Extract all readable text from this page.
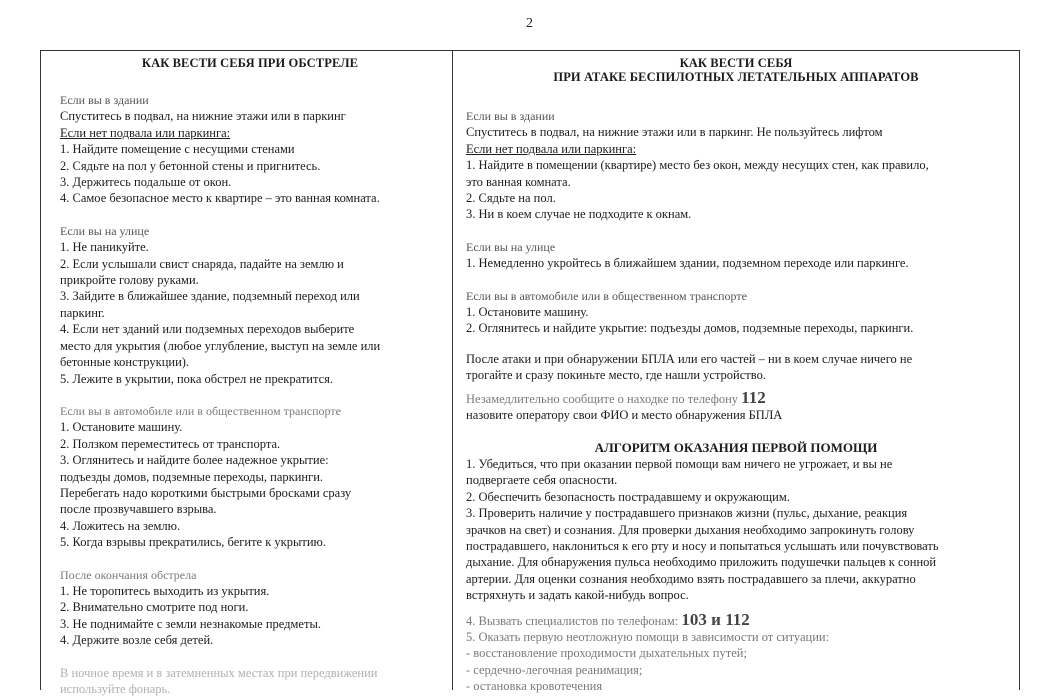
2
КАК ВЕСТИ СЕБЯ ПРИ ОБСТРЕЛЕ
Если вы в здании
Спуститесь в подвал, на нижние этажи или в паркинг
Если нет подвала или паркинга:
1. Найдите помещение с несущими стенами
2. Сядьте на пол у бетонной стены и пригнитесь.
3. Держитесь подальше от окон.
4. Самое безопасное место к квартире – это ванная комната.
Если вы на улице
1. Не паникуйте.
2. Если услышали свист снаряда, падайте на землю и
прикройте голову руками.
3. Зайдите в ближайшее здание, подземный переход или
паркинг.
4. Если нет зданий или подземных переходов выберите
место для укрытия (любое углубление, выступ на земле или
бетонные конструкции).
5. Лежите в укрытии, пока обстрел не прекратится.
Если вы в автомобиле или в общественном транспорте
1. Остановите машину.
2. Ползком переместитесь от транспорта.
3. Оглянитесь и найдите более надежное укрытие:
подъезды домов, подземные переходы, паркинги.
Перебегать надо короткими быстрыми бросками сразу
после прозвучавшего взрыва.
4. Ложитесь на землю.
5. Когда взрывы прекратились, бегите к укрытию.
После окончания обстрела
1. Не торопитесь выходить из укрытия.
2. Внимательно смотрите под ноги.
3. Не поднимайте с земли незнакомые предметы.
4. Держите возле себя детей.
В ночное время и в затемненных местах при передвижении
используйте фонарь.
КАК ВЕСТИ СЕБЯ
ПРИ АТАКЕ БЕСПИЛОТНЫХ ЛЕТАТЕЛЬНЫХ АППАРАТОВ
Если вы в здании
Спуститесь в подвал, на нижние этажи или в паркинг. Не пользуйтесь лифтом
Если нет подвала или паркинга:
1. Найдите в помещении (квартире) место без окон, между несущих стен, как правило,
это ванная комната.
2. Сядьте на пол.
3. Ни в коем случае не подходите к окнам.
Если вы на улице
1. Немедленно укройтесь в ближайшем здании, подземном переходе или паркинге.
Если вы в автомобиле или в общественном транспорте
1. Остановите машину.
2. Оглянитесь и найдите укрытие: подъезды домов, подземные переходы, паркинги.
После атаки и при обнаружении БПЛА или его частей – ни в коем случае ничего не
трогайте и сразу покиньте место, где нашли устройство.
Незамедлительно сообщите о находке по телефону 112
назовите оператору свои ФИО и место обнаружения БПЛА
АЛГОРИТМ ОКАЗАНИЯ ПЕРВОЙ ПОМОЩИ
1. Убедиться, что при оказании первой помощи вам ничего не угрожает, и вы не
подвергаете себя опасности.
2. Обеспечить безопасность пострадавшему и окружающим.
3. Проверить наличие у пострадавшего признаков жизни (пульс, дыхание, реакция
зрачков на свет) и сознания. Для проверки дыхания необходимо запрокинуть голову
пострадавшего, наклониться к его рту и носу и попытаться услышать или почувствовать
дыхание. Для обнаружения пульса необходимо приложить подушечки пальцев к сонной
артерии. Для оценки сознания необходимо взять пострадавшего за плечи, аккуратно
встряхнуть и задать какой-нибудь вопрос.
4. Вызвать специалистов по телефонам: 103 и 112
5. Оказать первую неотложную помощи в зависимости от ситуации:
- восстановление проходимости дыхательных путей;
- сердечно-легочная реанимация;
- остановка кровотечения
